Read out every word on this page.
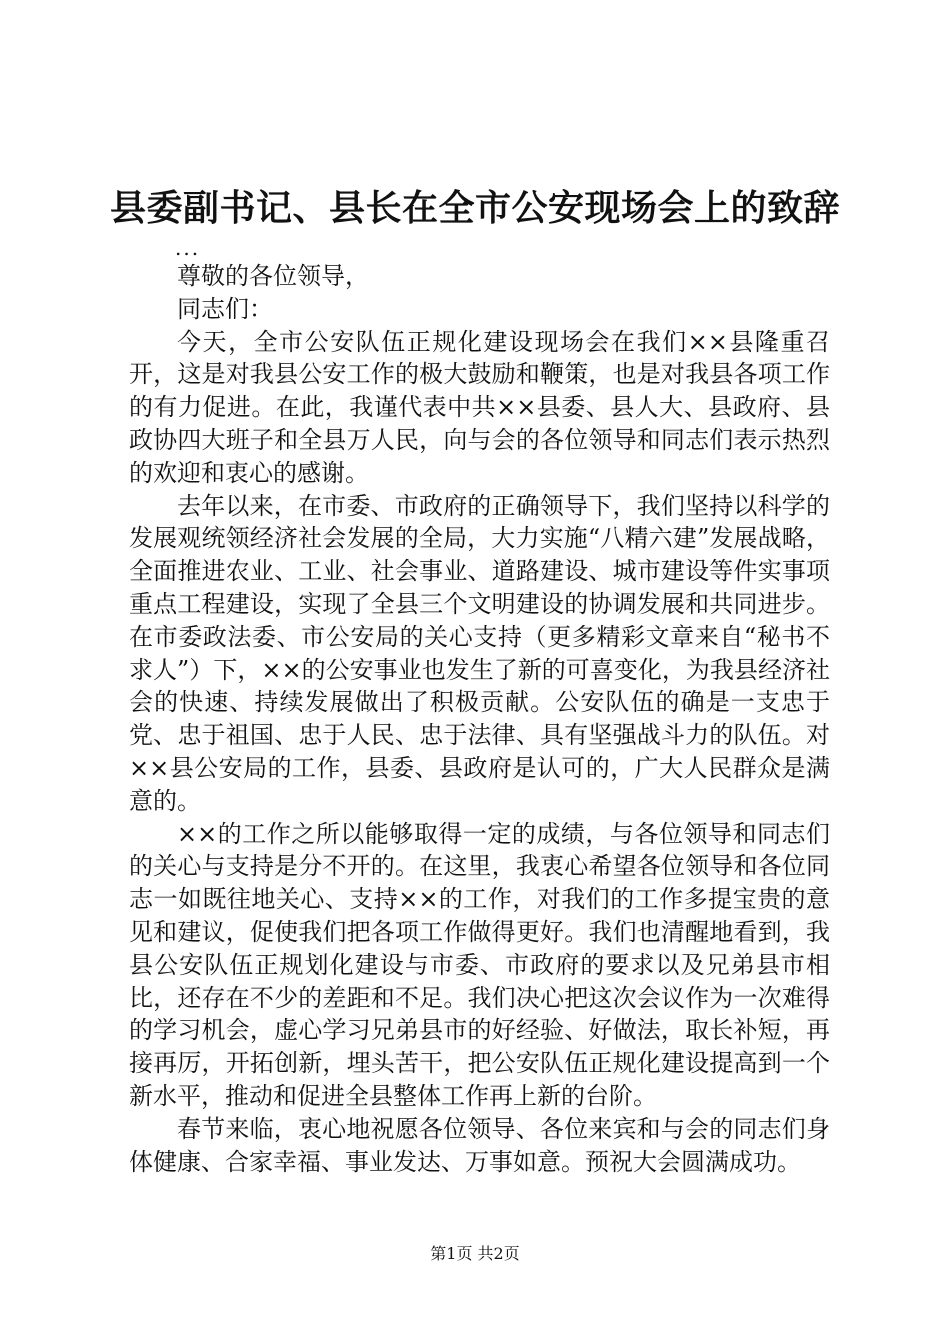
县委副书记、县长在全市公安现场会上的致辞
...

尊敬的各位领导，

同志们：

今天，全市公安队伍正规化建设现场会在我们××县隆重召开，这是对我县公安工作的极大鼓励和鞭策，也是对我县各项工作的有力促进。在此，我谨代表中共××县委、县人大、县政府、县政协四大班子和全县万人民，向与会的各位领导和同志们表示热烈的欢迎和衷心的感谢。

去年以来，在市委、市政府的正确领导下，我们坚持以科学的发展观统领经济社会发展的全局，大力实施“八精六建”发展战略，全面推进农业、工业、社会事业、道路建设、城市建设等件实事项重点工程建设，实现了全县三个文明建设的协调发展和共同进步。在市委政法委、市公安局的关心支持（更多精彩文章来自“秘书不求人”）下，××的公安事业也发生了新的可喜变化，为我县经济社会的快速、持续发展做出了积极贡献。公安队伍的确是一支忠于党、忠于祖国、忠于人民、忠于法律、具有坚强战斗力的队伍。对××县公安局的工作，县委、县政府是认可的，广大人民群众是满意的。

××的工作之所以能够取得一定的成绩，与各位领导和同志们的关心与支持是分不开的。在这里，我衷心希望各位领导和各位同志一如既往地关心、支持××的工作，对我们的工作多提宝贵的意见和建议，促使我们把各项工作做得更好。我们也清醒地看到，我县公安队伍正规划化建设与市委、市政府的要求以及兄弟县市相比，还存在不少的差距和不足。我们决心把这次会议作为一次难得的学习机会，虚心学习兄弟县市的好经验、好做法，取长补短，再接再厉，开拓创新，埋头苦干，把公安队伍正规化建设提高到一个新水平，推动和促进全县整体工作再上新的台阶。

春节来临，衷心地祝愿各位领导、各位来宾和与会的同志们身体健康、合家幸福、事业发达、万事如意。预祝大会圆满成功。

第1页 共2页
